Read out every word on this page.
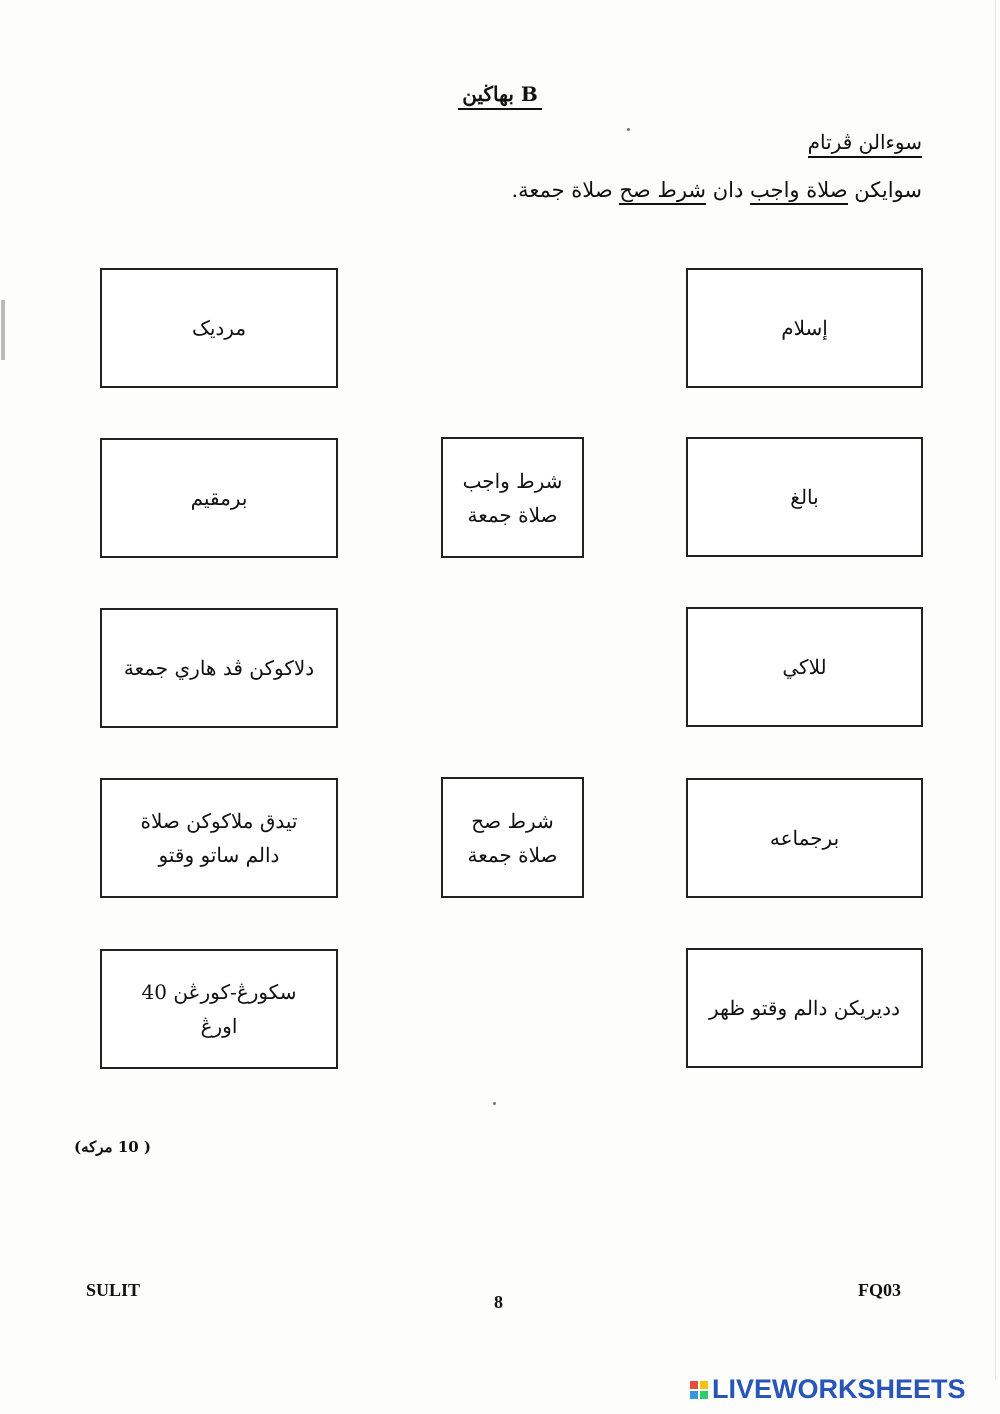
بهاڬين B
سوءالن ڤرتام
سوايكن صلاة واجب دان شرط صح صلاة جمعة.
مرديک
برمقيم
دلاكوكن ڤد هاري جمعة
تيدق ملاكوكن صلاة
دالم ساتو وقتو
سكورڠ-كورڠن 40
اورڠ
شرط واجب
صلاة جمعة
شرط صح
صلاة جمعة
إسلام
بالغ
للاكي
برجماعه
دديريكن دالم وقتو ظهر
( 10 مركه)
SULIT
8
FQ03
LIVEWORKSHEETS
